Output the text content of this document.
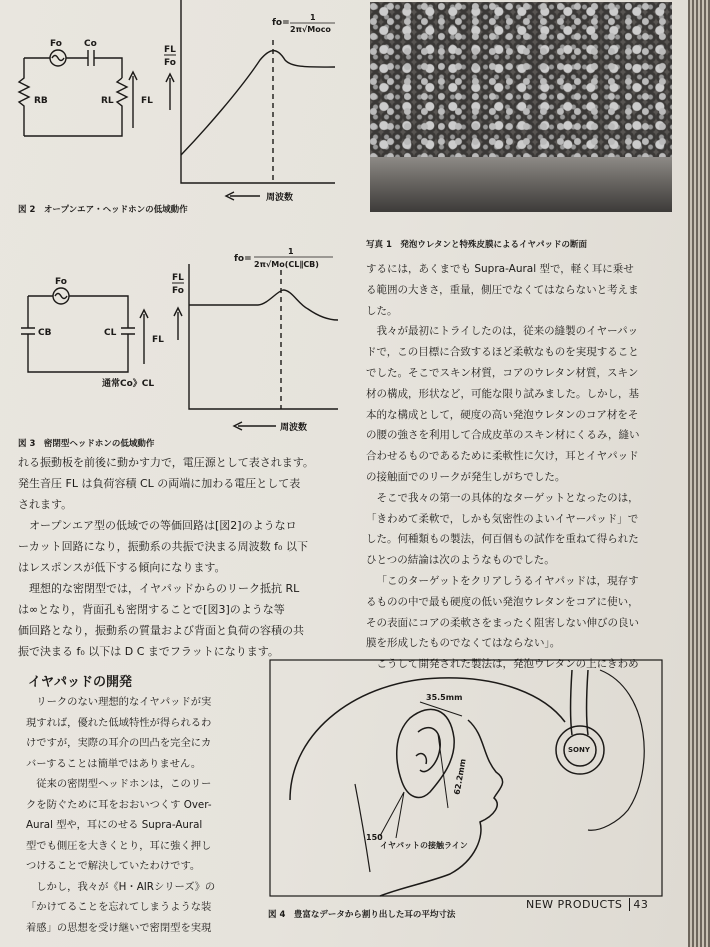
Fo Co
RB	RL	FL
FL
Fo
fo=
1
2π√Moco
周波数
図 2　オープンエア・ヘッドホンの低域動作
写真 1　発泡ウレタンと特殊皮膜によるイヤパッドの断面
Fo
CB	CL
FL
通常Co》CL
FL
Fo
fo=
1
2π√Mo(CL∥CB)
周波数
図 3　密閉型ヘッドホンの低域動作

れる振動板を前後に動かす力で，電圧源として表されます。

発生音圧 FL は負荷容積 CL の両端に加わる電圧として表

されます。

オープンエア型の低域での等価回路は[図2]のようなロ

ーカット回路になり，振動系の共振で決まる周波数 f₀ 以下

はレスポンスが低下する傾向になります。

理想的な密閉型では，イヤパッドからのリーク抵抗 RL

は∞となり，背面孔も密閉することで[図3]のような等

価回路となり，振動系の質量および背面と負荷の容積の共

振で決まる f₀ 以下は D C までフラットになります。

イヤパッドの開発

リークのない理想的なイヤパッドが実

現すれば，優れた低域特性が得られるわ

けですが，実際の耳介の凹凸を完全にカ

バーすることは簡単ではありません。

従来の密閉型ヘッドホンは，このリー

クを防ぐために耳をおおいつくす Over-

Aural 型や，耳にのせる Supra-Aural

型でも側圧を大きくとり，耳に強く押し

つけることで解決していたわけです。

しかし，我々が《H・AIRシリーズ》の

「かけてることを忘れてしまうような装

着感」の思想を受け継いで密閉型を実現

するには，あくまでも Supra-Aural 型で，軽く耳に乗せ

る範囲の大きさ，重量，側圧でなくてはならないと考えま

した。

我々が最初にトライしたのは，従来の縫製のイヤーパッ

ドで，この目標に合致するほど柔軟なものを実現すること

でした。そこでスキン材質，コアのウレタン材質，スキン

材の構成，形状など，可能な限り試みました。しかし，基

本的な構成として，硬度の高い発泡ウレタンのコア材をそ

の腰の強さを利用して合成皮革のスキン材にくるみ，縫い

合わせるものであるために柔軟性に欠け，耳とイヤパッド

の接触面でのリークが発生しがちでした。

そこで我々の第一の具体的なターゲットとなったのは，

「きわめて柔軟で，しかも気密性のよいイヤーパッド」で

した。何種類もの製法，何百個もの試作を重ねて得られた

ひとつの結論は次のようなものでした。

「このターゲットをクリアしうるイヤパッドは，現存す

るものの中で最も硬度の低い発泡ウレタンをコアに使い，

その表面にコアの柔軟さをまったく阻害しない伸びの良い

膜を形成したものでなくてはならない」。

こうして開発された製法は，発泡ウレタンの上にきわめ

35.5mm
62.2mm
150
イヤパットの接触ライン
SONY
図 4　豊富なデータから割り出した耳の平均寸法
NEW PRODUCTS 43
